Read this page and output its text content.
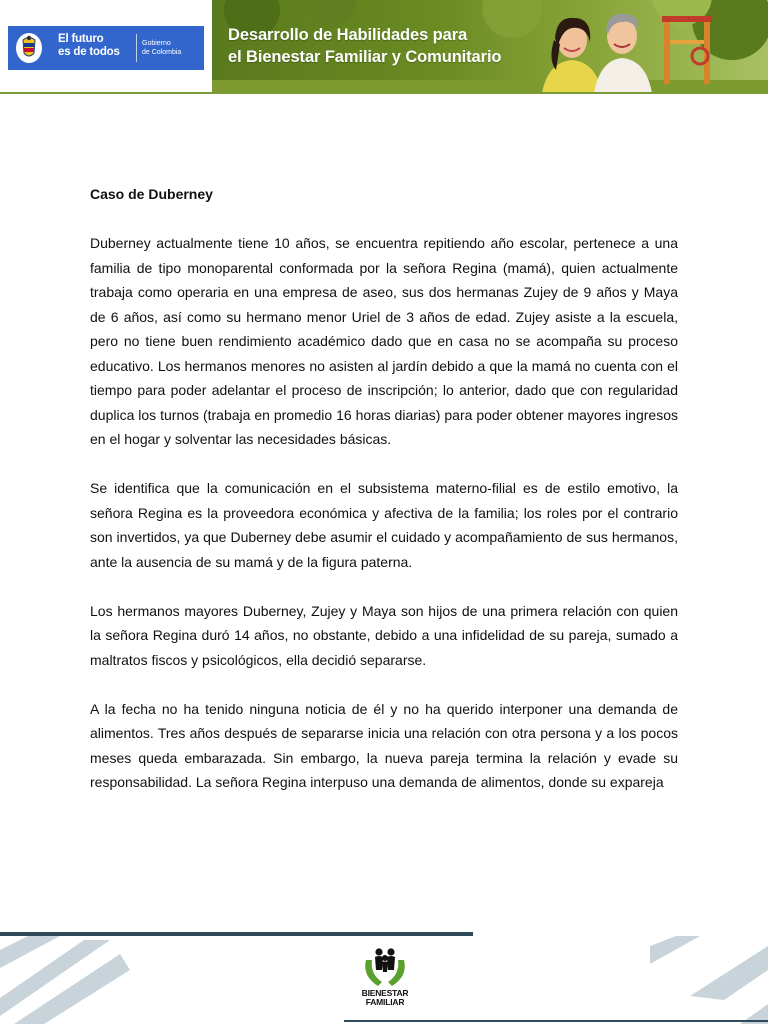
El futuro
es de todos
Gobierno
de Colombia
Desarrollo de Habilidades para
el Bienestar Familiar y Comunitario
Caso de Duberney

Duberney actualmente tiene 10 años, se encuentra repitiendo año escolar, pertenece a una familia de tipo monoparental conformada por la señora Regina (mamá), quien actualmente trabaja como operaria en una empresa de aseo, sus dos hermanas Zujey de 9 años y Maya de 6 años, así como su hermano menor Uriel de 3 años de edad. Zujey asiste a la escuela, pero no tiene buen rendimiento académico dado que en casa no se acompaña su proceso educativo. Los hermanos menores no asisten al jardín debido a que la mamá no cuenta con el tiempo para poder adelantar el proceso de inscripción; lo anterior, dado que con regularidad duplica los turnos (trabaja en promedio 16 horas diarias) para poder obtener mayores ingresos en el hogar y solventar las necesidades básicas.

Se identifica que la comunicación en el subsistema materno-filial es de estilo emotivo, la señora Regina es la proveedora económica y afectiva de la familia; los roles por el contrario son invertidos, ya que Duberney debe asumir el cuidado y acompañamiento de sus hermanos, ante la ausencia de su mamá y de la figura paterna.

Los hermanos mayores Duberney, Zujey y Maya son hijos de una primera relación con quien la señora Regina duró 14 años, no obstante, debido a una infidelidad de su pareja, sumado a maltratos fiscos y psicológicos, ella decidió separarse.

A la fecha no ha tenido ninguna noticia de él y no ha querido interponer una demanda de alimentos. Tres años después de separarse inicia una relación con otra persona y a los pocos meses queda embarazada. Sin embargo, la nueva pareja termina la relación y evade su responsabilidad. La señora Regina interpuso una demanda de alimentos, donde su expareja

BIENESTAR
FAMILIAR
